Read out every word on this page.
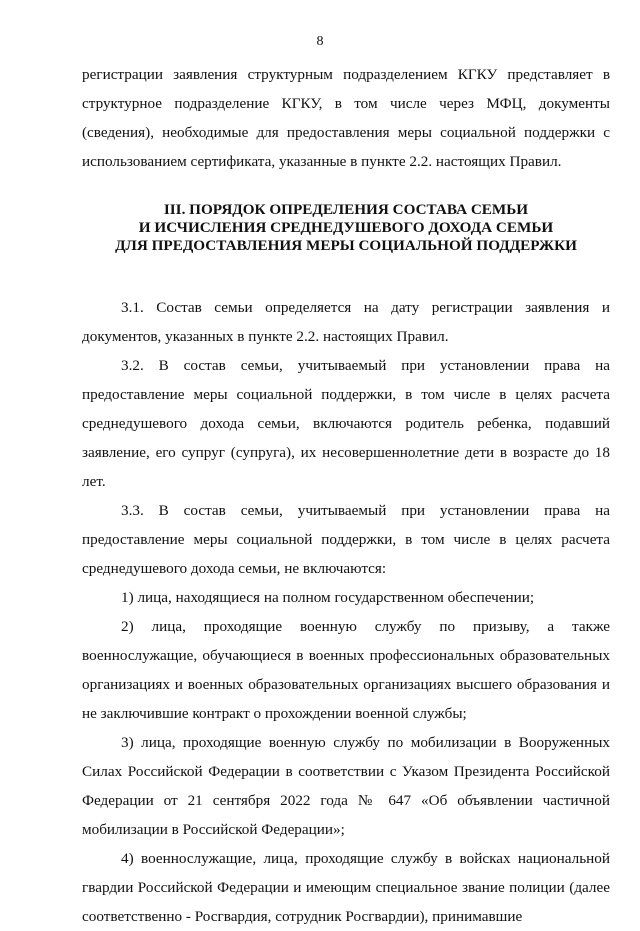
8

регистрации заявления структурным подразделением КГКУ представляет в структурное подразделение КГКУ, в том числе через МФЦ, документы (сведения), необходимые для предоставления меры социальной поддержки с использованием сертификата, указанные в пункте 2.2. настоящих Правил.

III. ПОРЯДОК ОПРЕДЕЛЕНИЯ СОСТАВА СЕМЬИ
И ИСЧИСЛЕНИЯ СРЕДНЕДУШЕВОГО ДОХОДА СЕМЬИ
ДЛЯ ПРЕДОСТАВЛЕНИЯ МЕРЫ СОЦИАЛЬНОЙ ПОДДЕРЖКИ

3.1. Состав семьи определяется на дату регистрации заявления и документов, указанных в пункте 2.2. настоящих Правил.

3.2. В состав семьи, учитываемый при установлении права на предоставление меры социальной поддержки, в том числе в целях расчета среднедушевого дохода семьи, включаются родитель ребенка, подавший заявление, его супруг (супруга), их несовершеннолетние дети в возрасте до 18 лет.

3.3. В состав семьи, учитываемый при установлении права на предоставление меры социальной поддержки, в том числе в целях расчета среднедушевого дохода семьи, не включаются:

1) лица, находящиеся на полном государственном обеспечении;

2) лица, проходящие военную службу по призыву, а также военнослужащие, обучающиеся в военных профессиональных образовательных организациях и военных образовательных организациях высшего образования и не заключившие контракт о прохождении военной службы;

3) лица, проходящие военную службу по мобилизации в Вооруженных Силах Российской Федерации в соответствии с Указом Президента Российской Федерации от 21 сентября 2022 года № 647 «Об объявлении частичной мобилизации в Российской Федерации»;

4) военнослужащие, лица, проходящие службу в войсках национальной гвардии Российской Федерации и имеющим специальное звание полиции (далее соответственно - Росгвардия, сотрудник Росгвардии), принимавшие
